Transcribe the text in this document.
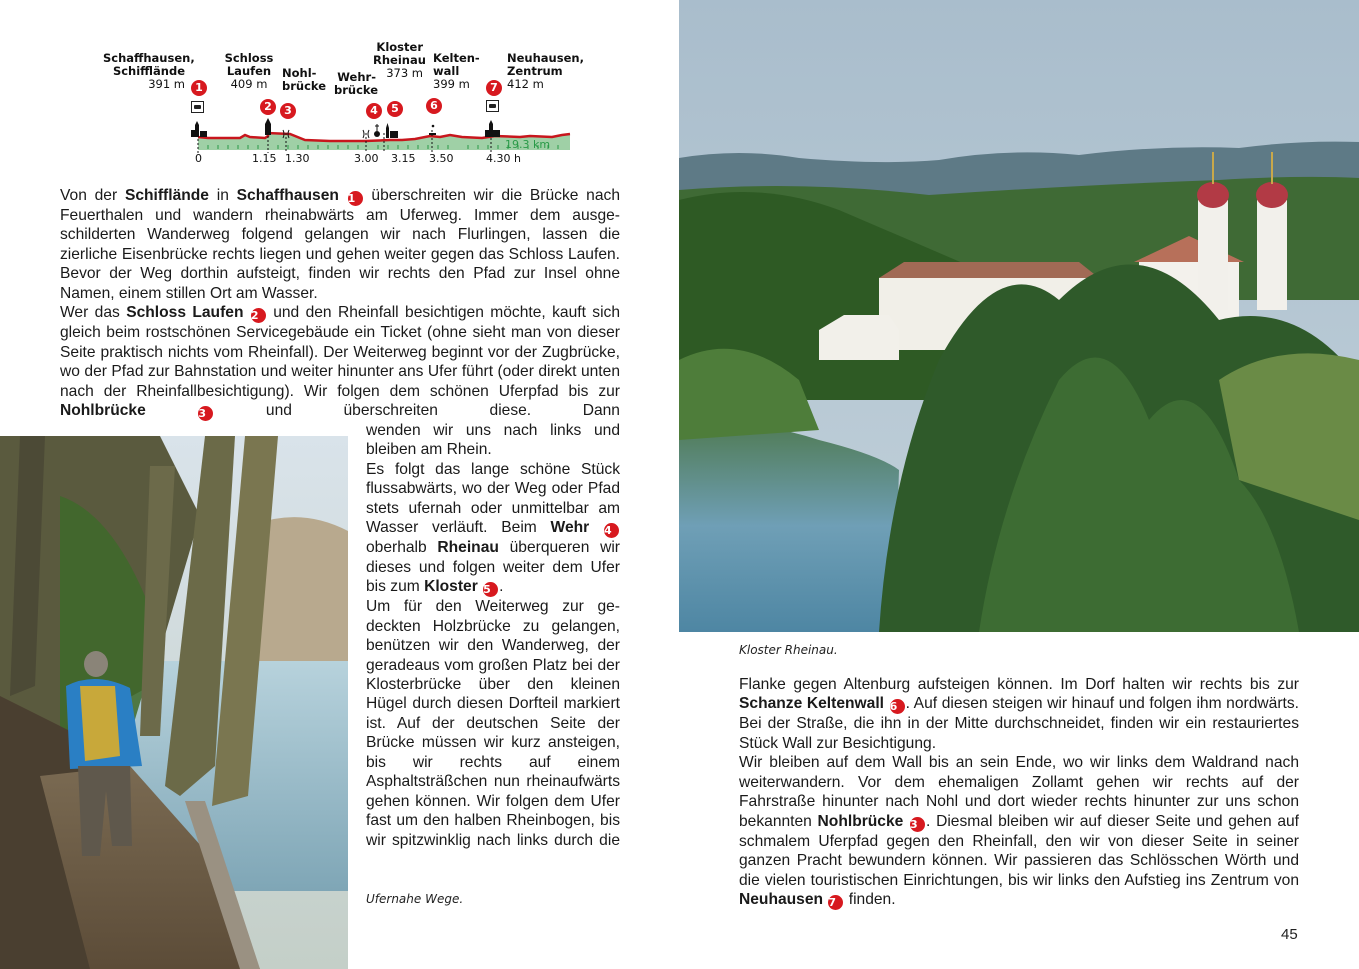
Schaffhausen,
Schifflände
391 m 1
Schloss
Laufen
409 m
2
Nohl-
brücke
3
Wehr-
brücke
4
Kloster
Rheinau
373 m
5
Kelten-
wall
399 m
6
Neuhausen,
Zentrum
412 m
7
0	1.15 1.30	3.00 3.15 3.50	4.30 h
19.3 km

Von der Schifflände in Schaffhausen 1 überschreiten wir die Brücke nach Feuerthalen und wandern rheinabwärts am Uferweg. Immer dem ausgeschilderten Wanderweg folgend gelangen wir nach Flurlingen, lassen die zierliche Eisenbrücke rechts liegen und gehen weiter gegen das Schloss Laufen. Bevor der Weg dorthin aufsteigt, finden wir rechts den Pfad zur Insel ohne Namen, einem stillen Ort am Wasser.

Wer das Schloss Laufen 2 und den Rheinfall besichtigen möchte, kauft sich gleich beim rostschönen Servicegebäude ein Ticket (ohne sieht man von dieser Seite praktisch nichts vom Rheinfall). Der Weiterweg beginnt vor der Zugbrücke, wo der Pfad zur Bahnstation und weiter hinunter ans Ufer führt (oder direkt unten nach der Rheinfallbesichtigung). Wir folgen dem schönen Uferpfad bis zur Nohlbrücke	3 und überschreiten diese. Dann

wenden wir uns nach links und bleiben am Rhein.

Es folgt das lange schöne Stück flussabwärts, wo der Weg oder Pfad stets ufernah oder unmittelbar am Wasser verläuft. Beim Wehr 4 oberhalb Rheinau überqueren wir dieses und folgen weiter dem Ufer bis zum Kloster 5 .

Um für den Weiterweg zur gedeckten Holzbrücke zu gelangen, benützen wir den Wanderweg, der geradeaus vom großen Platz bei der Klosterbrücke über den kleinen Hügel durch diesen Dorfteil markiert ist. Auf der deutschen Seite der Brücke müssen wir kurz ansteigen, bis wir rechts auf einem Asphaltsträßchen nun rheinaufwärts gehen können. Wir folgen dem Ufer fast um den halben Rheinbogen, bis wir spitzwinklig nach links durch die

Ufernahe Wege.
Kloster Rheinau.

Flanke gegen Altenburg aufsteigen können. Im Dorf halten wir rechts bis zur Schanze Keltenwall 6 . Auf diesen steigen wir hinauf und folgen ihm nordwärts. Bei der Straße, die ihn in der Mitte durchschneidet, finden wir ein restauriertes Stück Wall zur Besichtigung.

Wir bleiben auf dem Wall bis an sein Ende, wo wir links dem Waldrand nach weiterwandern. Vor dem ehemaligen Zollamt gehen wir rechts auf der Fahrstraße hinunter nach Nohl und dort wieder rechts hinunter zur uns schon bekannten Nohlbrücke 3 . Diesmal bleiben wir auf dieser Seite und gehen auf schmalem Uferpfad gegen den Rheinfall, den wir von dieser Seite in seiner ganzen Pracht bewundern können. Wir passieren das Schlösschen Wörth und die vielen touristischen Einrichtungen, bis wir links den Aufstieg ins Zentrum von Neuhausen 7 finden.

45
